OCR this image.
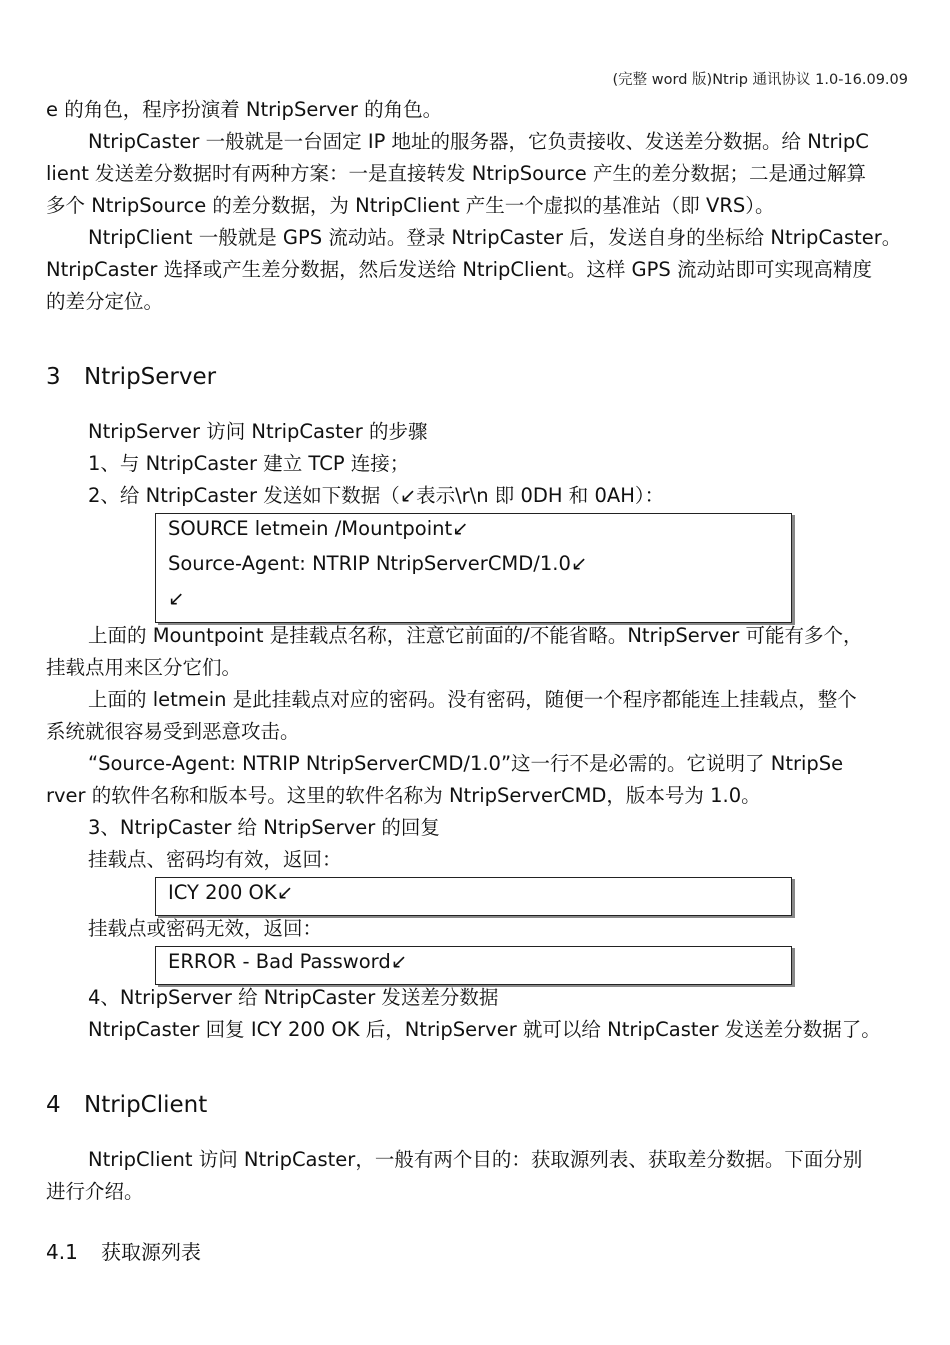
(完整 word 版)Ntrip 通讯协议 1.0-16.09.09
e 的角色，程序扮演着 NtripServer 的角色。
NtripCaster 一般就是一台固定 IP 地址的服务器，它负责接收、发送差分数据。给 NtripC
lient 发送差分数据时有两种方案：一是直接转发 NtripSource 产生的差分数据；二是通过解算
多个 NtripSource 的差分数据，为 NtripClient 产生一个虚拟的基准站（即 VRS）。
NtripClient 一般就是 GPS 流动站。登录 NtripCaster 后，发送自身的坐标给 NtripCaster。
NtripCaster 选择或产生差分数据，然后发送给 NtripClient。这样 GPS 流动站即可实现高精度
的差分定位。
3 NtripServer
NtripServer 访问 NtripCaster 的步骤
1、与 NtripCaster 建立 TCP 连接；
2、给 NtripCaster 发送如下数据（↙表示\r\n 即 0DH 和 0AH）：
SOURCE letmein /Mountpoint↙
Source-Agent: NTRIP NtripServerCMD/1.0↙
↙
上面的 Mountpoint 是挂载点名称，注意它前面的/不能省略。NtripServer 可能有多个，
挂载点用来区分它们。
上面的 letmein 是此挂载点对应的密码。没有密码，随便一个程序都能连上挂载点，整个
系统就很容易受到恶意攻击。
“Source-Agent: NTRIP NtripServerCMD/1.0”这一行不是必需的。它说明了 NtripSe
rver 的软件名称和版本号。这里的软件名称为 NtripServerCMD，版本号为 1.0。
3、NtripCaster 给 NtripServer 的回复
挂载点、密码均有效，返回：
ICY 200 OK↙
挂载点或密码无效，返回：
ERROR - Bad Password↙
4、NtripServer 给 NtripCaster 发送差分数据
NtripCaster 回复 ICY 200 OK 后，NtripServer 就可以给 NtripCaster 发送差分数据了。
4 NtripClient
NtripClient 访问 NtripCaster，一般有两个目的：获取源列表、获取差分数据。下面分别
进行介绍。
4.1 获取源列表
